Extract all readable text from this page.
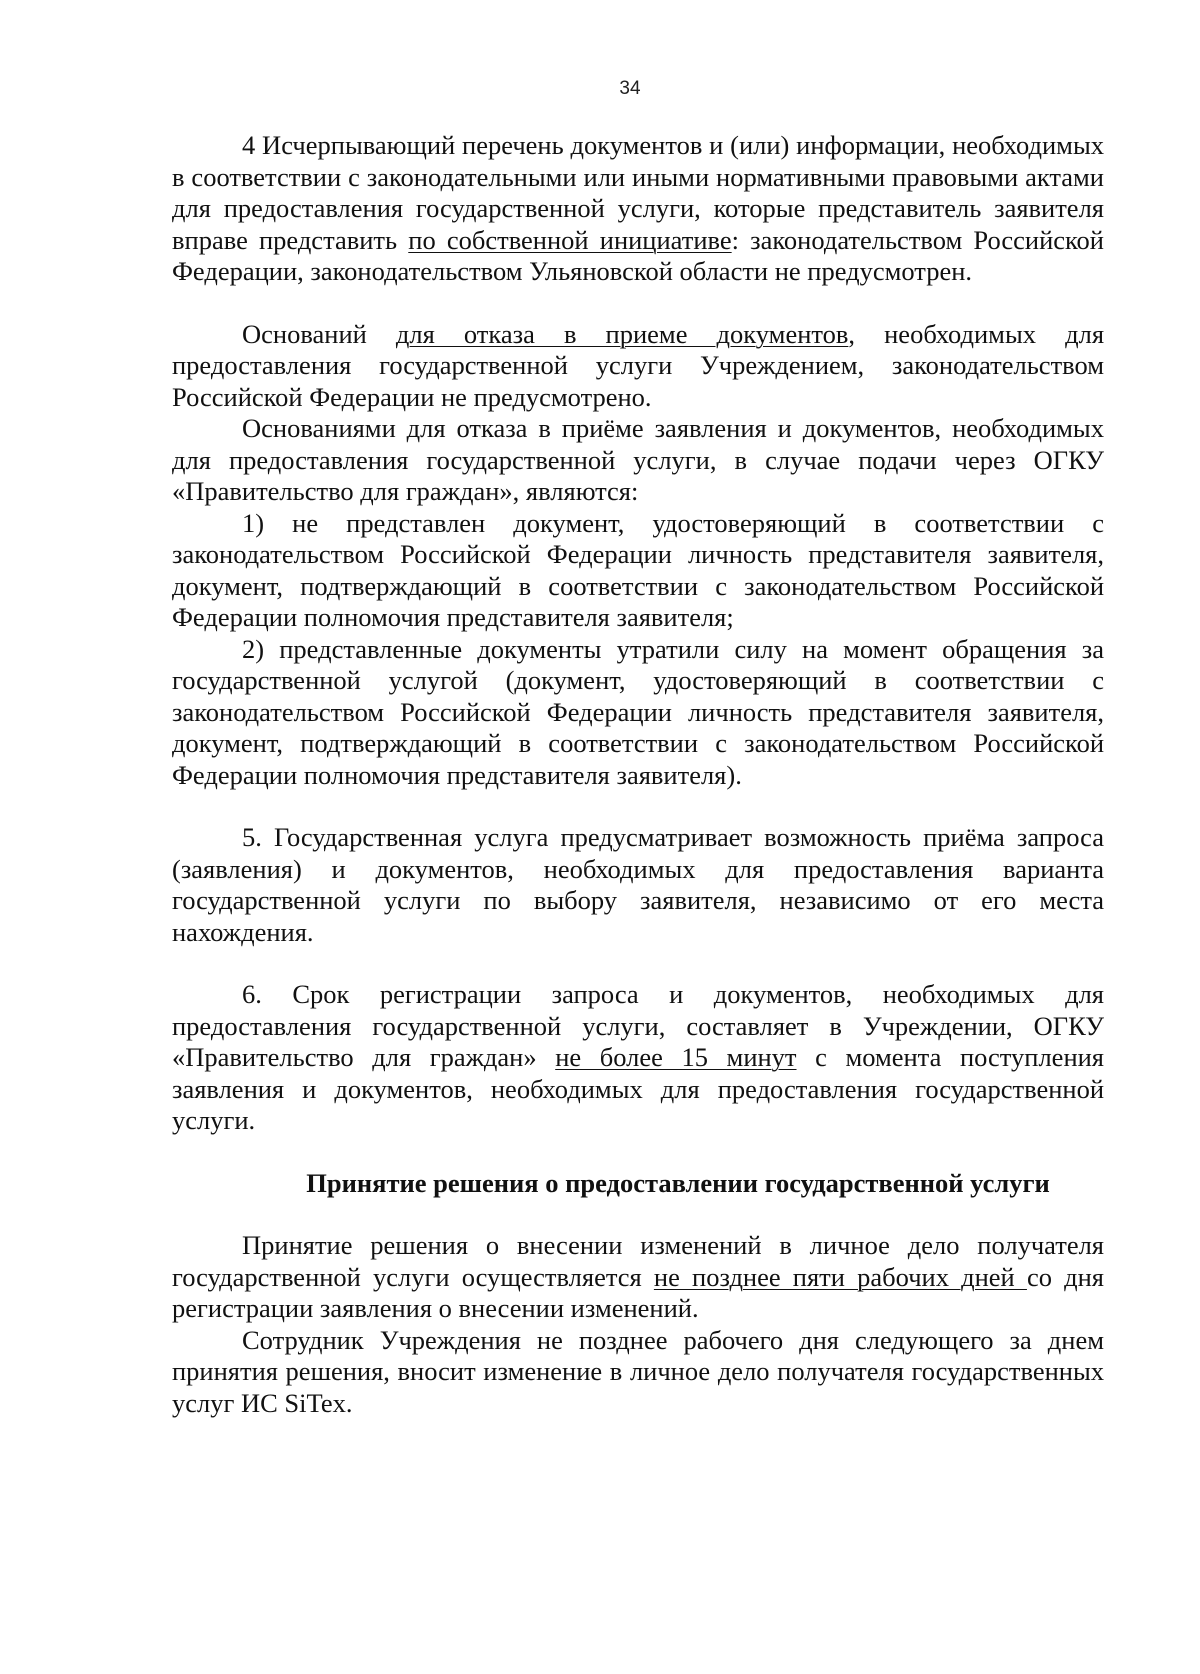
34

4 Исчерпывающий перечень документов и (или) информации, необходимых в соответствии с законодательными или иными нормативными правовыми актами для предоставления государственной услуги, которые представитель заявителя вправе представить по собственной инициативе: законодательством Российской Федерации, законодательством Ульяновской области не предусмотрен.

Оснований для отказа в приеме документов, необходимых для предоставления государственной услуги Учреждением, законодательством Российской Федерации не предусмотрено.

Основаниями для отказа в приёме заявления и документов, необходимых для предоставления государственной услуги, в случае подачи через ОГКУ «Правительство для граждан», являются:

1) не представлен документ, удостоверяющий в соответствии с законодательством Российской Федерации личность представителя заявителя, документ, подтверждающий в соответствии с законодательством Российской Федерации полномочия представителя заявителя;

2) представленные документы утратили силу на момент обращения за государственной услугой (документ, удостоверяющий в соответствии с законодательством Российской Федерации личность представителя заявителя, документ, подтверждающий в соответствии с законодательством Российской Федерации полномочия представителя заявителя).

5. Государственная услуга предусматривает возможность приёма запроса (заявления) и документов, необходимых для предоставления варианта государственной услуги по выбору заявителя, независимо от его места нахождения.

6. Срок регистрации запроса и документов, необходимых для предоставления государственной услуги, составляет в Учреждении, ОГКУ «Правительство для граждан» не более 15 минут с момента поступления заявления и документов, необходимых для предоставления государственной услуги.

Принятие решения о предоставлении государственной услуги

Принятие решения о внесении изменений в личное дело получателя государственной услуги осуществляется не позднее пяти рабочих дней со дня регистрации заявления о внесении изменений.

Сотрудник Учреждения не позднее рабочего дня следующего за днем принятия решения, вносит изменение в личное дело получателя государственных услуг ИС SiTex.
